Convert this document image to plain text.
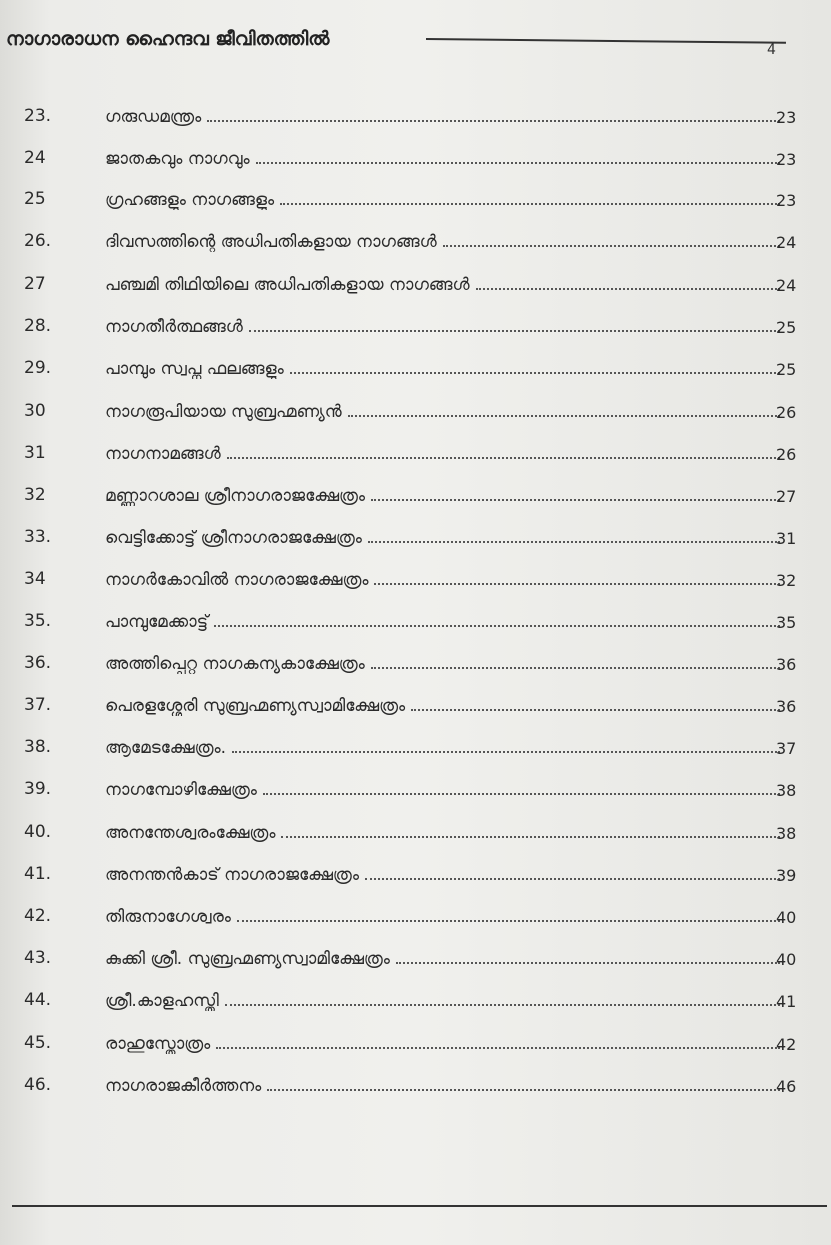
നാഗാരാധന ഹൈന്ദവ ജീവിതത്തിൽ	4
23.	ഗരുഡമന്ത്രം	23
24	ജാതകവും നാഗവും	23
25	ഗ്രഹങ്ങളും നാഗങ്ങളും	23
26.	ദിവസത്തിന്റെ അധിപതികളായ നാഗങ്ങൾ	24
27	പഞ്ചമി തിഥിയിലെ അധിപതികളായ നാഗങ്ങൾ	24
28.	നാഗതീർത്ഥങ്ങൾ	25
29.	പാമ്പും സ്വപ്ന ഫലങ്ങളും	25
30	നാഗരൂപിയായ സുബ്രഹ്മണ്യൻ	26
31	നാഗനാമങ്ങൾ	26
32	മണ്ണാറശാല ശ്രീനാഗരാജക്ഷേത്രം	27
33.	വെട്ടിക്കോട്ട് ശ്രീനാഗരാജക്ഷേത്രം	31
34	നാഗർകോവിൽ നാഗരാജക്ഷേത്രം	32
35.	പാമ്പുമേക്കാട്ട്	35
36.	അത്തിപ്പെറ്റ നാഗകന്യകാക്ഷേത്രം	36
37.	പെരളശ്ശേരി സുബ്രഹ്മണ്യസ്വാമിക്ഷേത്രം	36
38.	ആമേടക്ഷേത്രം.	37
39.	നാഗമ്പോഴിക്ഷേത്രം	38
40.	അനന്തേശ്വരംക്ഷേത്രം	38
41.	അനന്തൻകാട് നാഗരാജക്ഷേത്രം	39
42.	തിരുനാഗേശ്വരം	40
43.	കുക്കി ശ്രീ. സുബ്രഹ്മണ്യസ്വാമിക്ഷേത്രം	40
44.	ശ്രീ.കാളഹസ്തി	41
45.	രാഹുസ്തോത്രം	42
46.	നാഗരാജകീർത്തനം	46
